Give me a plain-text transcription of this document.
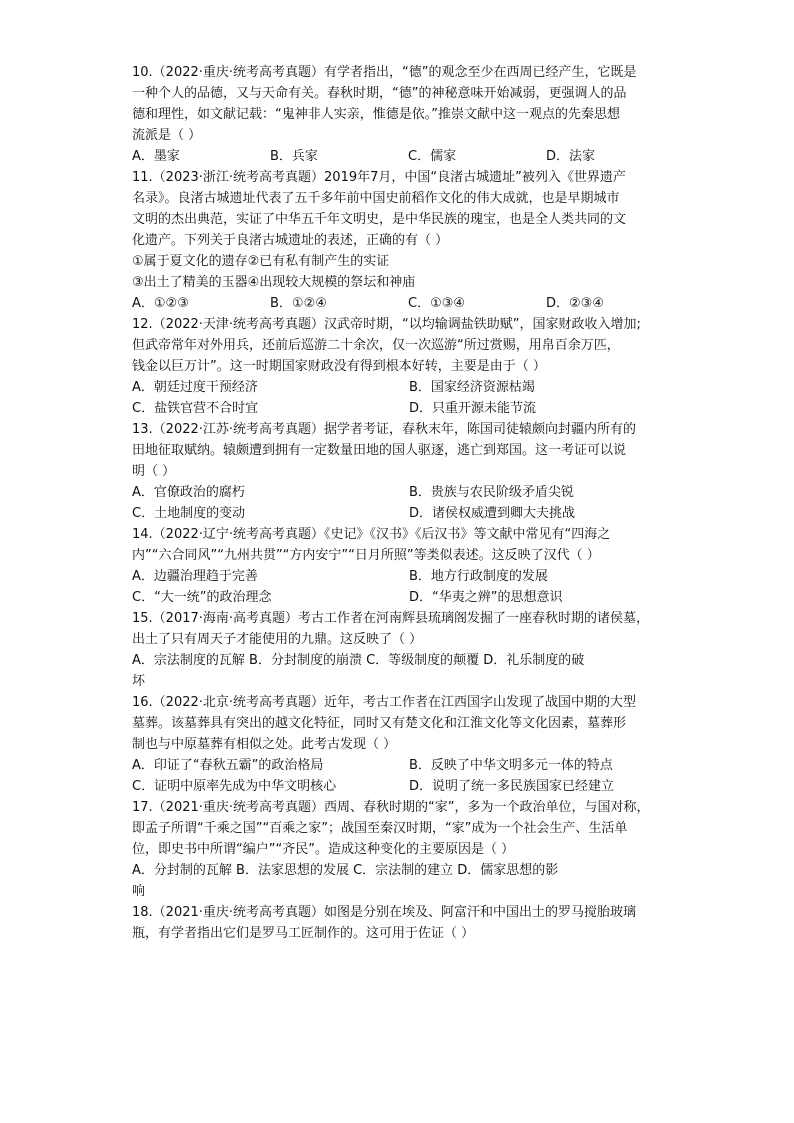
10.（2022·重庆·统考高考真题）有学者指出，“德”的观念至少在西周已经产生，它既是
一种个人的品德，又与天命有关。春秋时期，“德”的神秘意味开始减弱，更强调人的品
德和理性，如文献记载：“鬼神非人实亲，惟德是依。”推崇文献中这一观点的先秦思想
流派是（ ）
A．墨家	B．兵家	C．儒家	D．法家
11.（2023·浙江·统考高考真题）2019年7月，中国“良渚古城遗址”被列入《世界遗产
名录》。良渚古城遗址代表了五千多年前中国史前稻作文化的伟大成就，也是早期城市
文明的杰出典范，实证了中华五千年文明史，是中华民族的瑰宝，也是全人类共同的文
化遗产。下列关于良渚古城遗址的表述，正确的有（ ）
①属于夏文化的遗存②已有私有制产生的实证
③出土了精美的玉器④出现较大规模的祭坛和神庙
A．①②③	B．①②④	C．①③④	D．②③④
12.（2022·天津·统考高考真题）汉武帝时期，“以均输调盐铁助赋”，国家财政收入增加;
但武帝常年对外用兵，还前后巡游二十余次，仅一次巡游“所过赏赐，用帛百余万匹，
钱金以巨万计”。这一时期国家财政没有得到根本好转，主要是由于（ ）
A．朝廷过度干预经济	B．国家经济资源枯竭
C．盐铁官营不合时宜	D．只重开源未能节流
13.（2022·江苏·统考高考真题）据学者考证，春秋末年，陈国司徒辕颇向封疆内所有的
田地征取赋纳。辕颇遭到拥有一定数量田地的国人驱逐，逃亡到郑国。这一考证可以说
明（ ）
A．官僚政治的腐朽	B．贵族与农民阶级矛盾尖锐
C．土地制度的变动	D．诸侯权威遭到卿大夫挑战
14.（2022·辽宁·统考高考真题）《史记》《汉书》《后汉书》等文献中常见有“四海之
内”“六合同风”“九州共贯”“方内安宁”“日月所照”等类似表述。这反映了汉代（ ）
A．边疆治理趋于完善	B．地方行政制度的发展
C．“大一统”的政治理念	D．“华夷之辨”的思想意识
15.（2017·海南·高考真题）考古工作者在河南辉县琉璃阁发掘了一座春秋时期的诸侯墓，
出土了只有周天子才能使用的九鼎。这反映了（ ）
A．宗法制度的瓦解 B．分封制度的崩溃 C．等级制度的颠覆 D．礼乐制度的破
坏
16.（2022·北京·统考高考真题）近年，考古工作者在江西国字山发现了战国中期的大型
墓葬。该墓葬具有突出的越文化特征，同时又有楚文化和江淮文化等文化因素，墓葬形
制也与中原墓葬有相似之处。此考古发现（ ）
A．印证了“春秋五霸”的政治格局	B．反映了中华文明多元一体的特点
C．证明中原率先成为中华文明核心	D．说明了统一多民族国家已经建立
17.（2021·重庆·统考高考真题）西周、春秋时期的“家”，多为一个政治单位，与国对称，
即孟子所谓“千乘之国”“百乘之家”；战国至秦汉时期，“家”成为一个社会生产、生活单
位，即史书中所谓“编户”“齐民”。造成这种变化的主要原因是（ ）
A．分封制的瓦解 B．法家思想的发展 C．宗法制的建立 D．儒家思想的影
响
18.（2021·重庆·统考高考真题）如图是分别在埃及、阿富汗和中国出土的罗马搅胎玻璃
瓶，有学者指出它们是罗马工匠制作的。这可用于佐证（ ）
